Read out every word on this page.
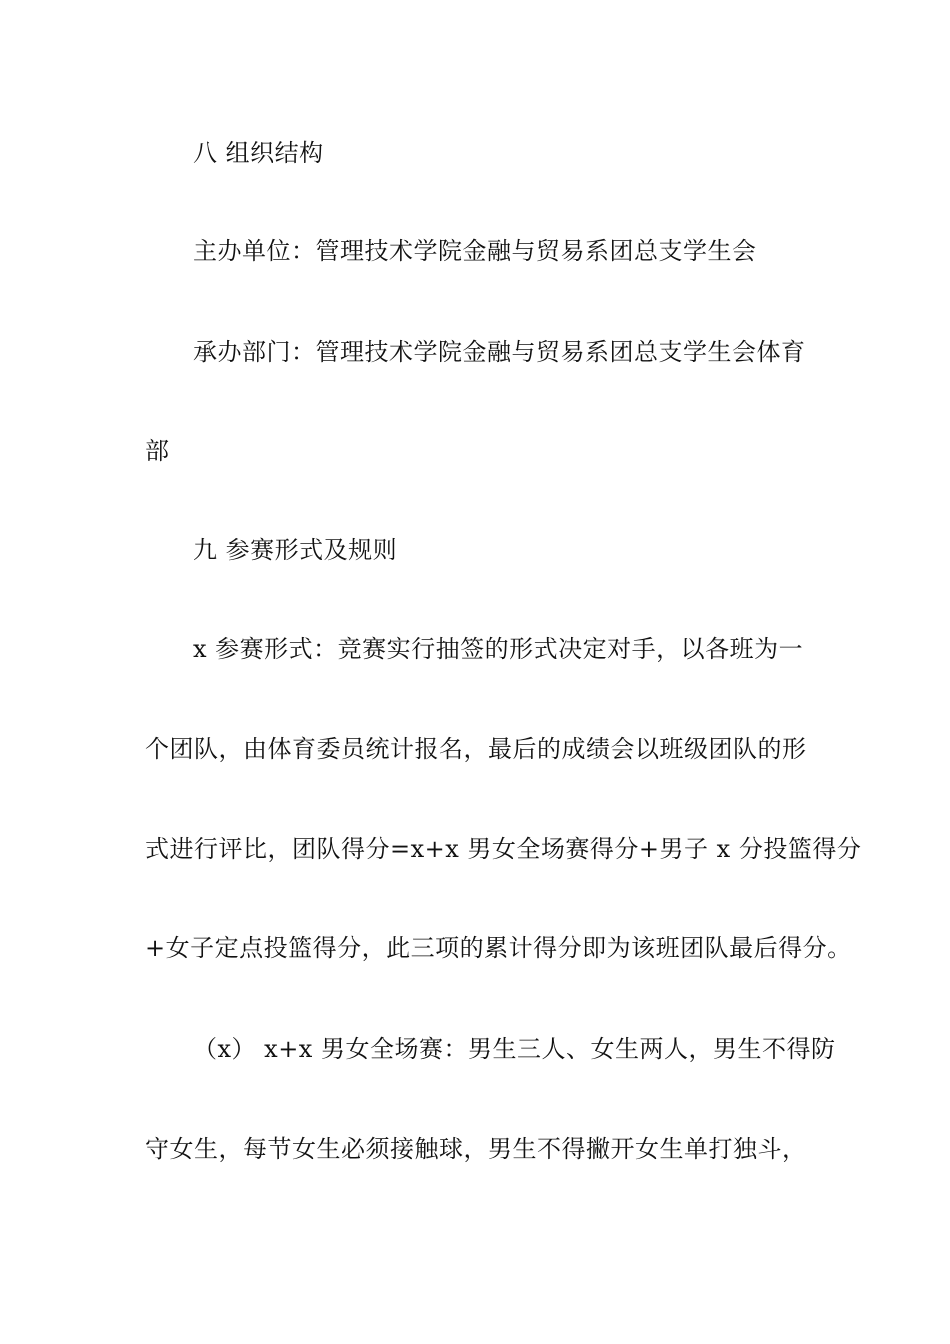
八 组织结构
主办单位：管理技术学院金融与贸易系团总支学生会
承办部门：管理技术学院金融与贸易系团总支学生会体育
部
九 参赛形式及规则
x 参赛形式：竞赛实行抽签的形式决定对手，以各班为一
个团队，由体育委员统计报名，最后的成绩会以班级团队的形
式进行评比，团队得分=x+x 男女全场赛得分+男子 x 分投篮得分
+女子定点投篮得分，此三项的累计得分即为该班团队最后得分。
（x） x+x 男女全场赛：男生三人、女生两人，男生不得防
守女生，每节女生必须接触球，男生不得撇开女生单打独斗，
